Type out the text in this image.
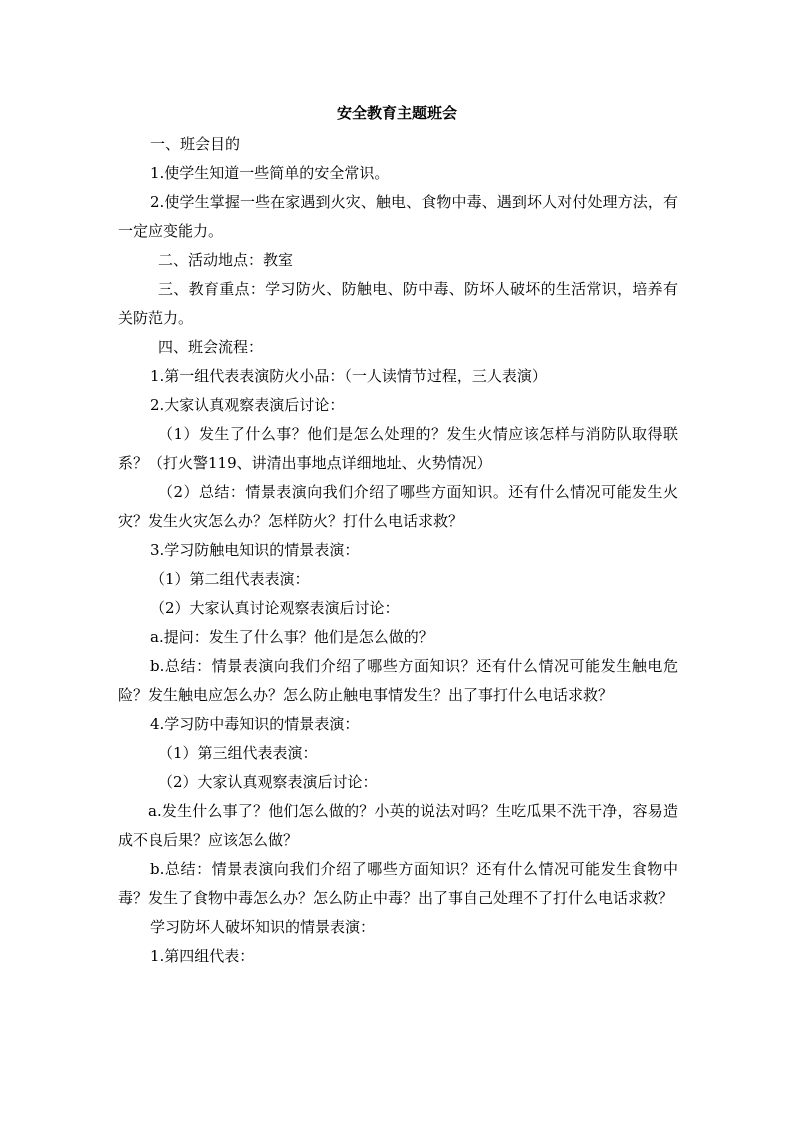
安全教育主题班会

一、班会目的

1.使学生知道一些简单的安全常识。

2.使学生掌握一些在家遇到火灾、触电、食物中毒、遇到坏人对付处理方法，有一定应变能力。

二、活动地点：教室

三、教育重点：学习防火、防触电、防中毒、防坏人破坏的生活常识，培养有关防范力。

四、班会流程：

1.第一组代表表演防火小品：（一人读情节过程，三人表演）

2.大家认真观察表演后讨论：

（1）发生了什么事？他们是怎么处理的？发生火情应该怎样与消防队取得联系？（打火警119、讲清出事地点详细地址、火势情况）

（2）总结：情景表演向我们介绍了哪些方面知识。还有什么情况可能发生火灾？发生火灾怎么办？怎样防火？打什么电话求救？

3.学习防触电知识的情景表演：

（1）第二组代表表演：

（2）大家认真讨论观察表演后讨论：

a.提问：发生了什么事？他们是怎么做的？

b.总结：情景表演向我们介绍了哪些方面知识？还有什么情况可能发生触电危险？发生触电应怎么办？怎么防止触电事情发生？出了事打什么电话求救？

4.学习防中毒知识的情景表演：

（1）第三组代表表演：

（2）大家认真观察表演后讨论：

a.发生什么事了？他们怎么做的？小英的说法对吗？生吃瓜果不洗干净，容易造成不良后果？应该怎么做？

b.总结：情景表演向我们介绍了哪些方面知识？还有什么情况可能发生食物中毒？发生了食物中毒怎么办？怎么防止中毒？出了事自己处理不了打什么电话求救？

学习防坏人破坏知识的情景表演：

1.第四组代表：
